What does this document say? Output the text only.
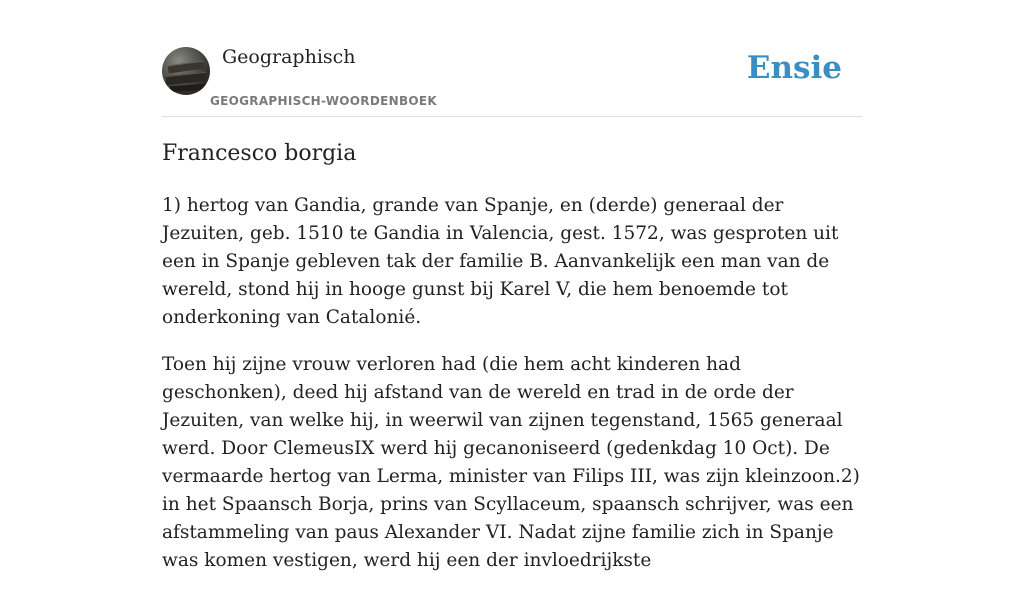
Geographisch
GEOGRAPHISCH-WOORDENBOEK
Ensie
Francesco borgia

1) hertog van Gandia, grande van Spanje, en (derde) generaal der Jezuiten, geb. 1510 te Gandia in Valencia, gest. 1572, was gesproten uit een in Spanje gebleven tak der familie B. Aanvankelijk een man van de wereld, stond hij in hooge gunst bij Karel V, die hem benoemde tot onderkoning van Catalonié.

Toen hij zijne vrouw verloren had (die hem acht kinderen had geschonken), deed hij afstand van de wereld en trad in de orde der Jezuiten, van welke hij, in weerwil van zijnen tegenstand, 1565 generaal werd. Door ClemeusIX werd hij gecanoniseerd (gedenkdag 10 Oct). De vermaarde hertog van Lerma, minister van Filips III, was zijn kleinzoon.2) in het Spaansch Borja, prins van Scyllaceum, spaansch schrijver, was een afstammeling van paus Alexander VI. Nadat zijne familie zich in Spanje was komen vestigen, werd hij een der invloedrijkste
